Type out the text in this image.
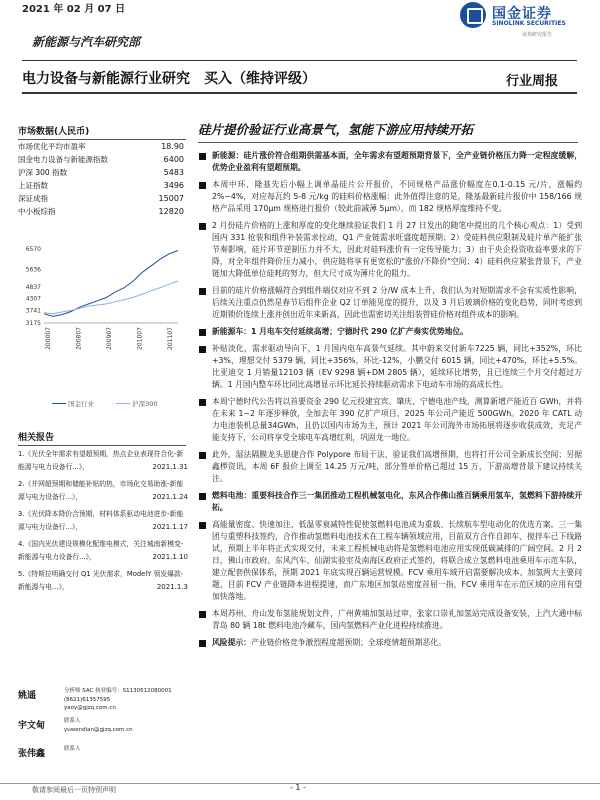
2021 年 02 月 07 日	国金证券
SINOLINK SECURITIES
证券研究报告
新能源与汽车研究部
电力设备与新能源行业研究　买入（维持评级）	行业周报
市场数据(人民币)
市场优化平均市盈率	18.90
国金电力设备与新能源指数	6400
沪深 300 指数	5483
上证指数	3496
深证成指	15007
中小板综指	12820
6570
5636
4837
4307
3741
3175
200007	200807	200907	201007	201107
国金行业
	沪深300
相关报告
1.《光伏全年需求有望超预期，热点企业表现符合化-新能源与电力设备行...》，	2021.1.31
2.《并网超预期和储能补贴的热，市场化交易助涨-新能源与电力设备行...》，	2021.1.24
3.《光伏降本降价合预期，材料体系驱动电池进步-新能源与电力设备行...》，	2021.1.17
4.《国内光伏建设规模化配维电模式，关注城南新模变-新能源与电力设备行...》，	2021.1.10
5.《特斯拉明确交付 Q1 光伏需求，ModelY 领发爆款-新能源与电...》，	2021.1.3
姚遥	分析师 SAC 执业编号：S1130512080001
(8621)61357595
yaoy@gjzq.com.cn
宇文甸	联系人
yuwendian@gjzq.com.cn
张伟鑫	联系人
硅片提价验证行业高景气，氢能下游应用持续开拓
新能源：硅片涨价符合组期供需基本面，全年需求有望超预期背景下，全产业链价格压力降一定程度缓解，优势企业盈利有望超预期。
本周中环、隆基先后小幅上调单晶硅片公开报价，不同规格产品涨价幅度在0.1-0.15 元/片，涨幅约 2%~4%，对应每瓦约 5-8 元/kg 的硅料价格涨幅：此外值得注意的是，隆基最新硅片报价中 158/166 规格产品采用 170μm 规格进行报价（较此前减薄 5μm），而 182 规格厚度维持不变。
2 月份硅片价格的上涨和厚度的变化继续验证我们 1 月 27 日发出的随笔中提出的几个核心观点：1）受到国内 331 抢装和组件补装需求拉动，Q1 产业链需求旺盛度超预期；2）受硅料供应限制及硅片单产能扩张节奏影响，硅片环节逆制压力并不大，因此对硅料涨价有一定传导能力；3）由于央企投资收益率要求的下降，对全年组件降价压力减小，供应链将享有更宽松的"涨价/不降价"空间；4）硅料供应紧张背景下，产业链加大降低单位硅耗的努力，但大尺寸成为薄片化的阻力。
目前的硅片价格涨幅符合到组件端仅对应不到 2 分/W 成本上升，我们认为对短期需求不会有实质性影响，后续关注重点仍然是春节后组件企业 Q2 订单能见度的提升，以及 3 月后玻璃价格的变化趋势，同时考虑到近期锁价连续上涨并创出近年来新高，因此也需密切关注组装管硅价格对组件成本的影响。
新能源车：1 月电车交付延续高增；宁德时代 290 亿扩产奏实优势地位。
补贴淡化，需求驱动导向下，1 月国内电车高景气延续。其中蔚来交付新车7225 辆，同比+352%，环比+3%，理想交付 5379 辆，同比+356%，环比-12%，小鹏交付 6015 辆，同比+470%，环比+5.5%。比亚迪交 1 月销量12103 辆（EV 9298 辆+DM 2805 辆），延续环比增势，且已连续三个月交付超过万辆。1 月国内整车环比同比高增显示环比延长持续驱动需求下电动车市场的高成长性。
本周宁德时代公告将以首要资金 290 亿元投建宜宾、肇庆、宁德电池产线，测算新增产能近百 GWh，并将在未来 1~2 年逐步释放，全加去年 390 亿扩产项目，2025 年公司产能近 500GWh。2020 年 CATL 动力电池装机总量34GWh，且仍以国内市场为主，预计 2021 年公司海外市场拓展将逐步收获成效，充足产能支持下，公司将享受全球电车高增红利，巩固龙一地位。
此外，湿法隔膜龙头恩捷合作 Polypore 布局干法，验证我们高增预期，也将打开公司全新成长空间；另据鑫椤资讯，本周 6F 报价上调至 14.25 万元/吨，部分签单价格已超过 15 万，下游高增背景下建议持续关注。
燃料电池：重要科技合作三一集团推动工程机械氢电化，东风合作佛山推百辆乘用氢车，氢燃料下游持续开拓。
高能量密度、快速加注、低温零衰减特性促使氢燃料电池成为重载、长续航车型电动化的优选方案。三一集团与重塑科技签约，合作推动氢燃料电池技术在工程车辆领域应用，目前双方合作自卸车、搅拌车已下线路试，预期上半年将正式实现交付，未来工程机械电动将是氢燃料电池应用实现低碳减排的广阔空间。2 月 2 日，佛山市政府、东风汽车、仙湖实验室及南海区政府正式签约，将联合成立氢燃料电池乘用车示范车队，建立配套供保体系，预期 2021 年底实现百辆运营规模。FCV 乘用车域开启需要解决成本、加氢两大主要问题，目前 FCV 产业链降本进程提速，而广东地区加氢站密度首屈一指，FCV 乘用车在示范区域的应用有望加快落地。
本周苏州、舟山发布氢能规划文件，广州黄埔加氢站过审，张家口崇礼加氢站完成设备安装，上汽大通中标青岛 80 辆 18t 燃料电池冷藏车，国内氢燃料产业化进程持续推进。
风险提示：产业链价格竞争激烈程度超预期；全球疫情超预期恶化。
敬请参阅最后一页特别声明	- 1 -
